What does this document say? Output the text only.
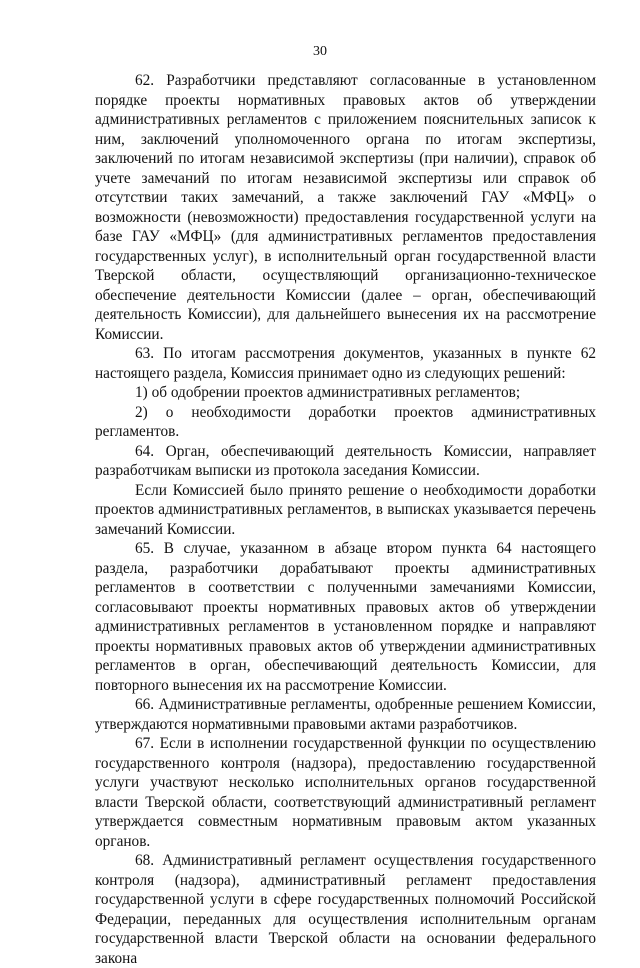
30

62. Разработчики представляют согласованные в установленном порядке проекты нормативных правовых актов об утверждении административных регламентов с приложением пояснительных записок к ним, заключений уполномоченного органа по итогам экспертизы, заключений по итогам независимой экспертизы (при наличии), справок об учете замечаний по итогам независимой экспертизы или справок об отсутствии таких замечаний, а также заключений ГАУ «МФЦ» о возможности (невозможности) предоставления государственной услуги на базе ГАУ «МФЦ» (для административных регламентов предоставления государственных услуг), в исполнительный орган государственной власти Тверской области, осуществляющий организационно-техническое обеспечение деятельности Комиссии (далее – орган, обеспечивающий деятельность Комиссии), для дальнейшего вынесения их на рассмотрение Комиссии.

63. По итогам рассмотрения документов, указанных в пункте 62 настоящего раздела, Комиссия принимает одно из следующих решений:

1) об одобрении проектов административных регламентов;

2) о необходимости доработки проектов административных регламентов.

64. Орган, обеспечивающий деятельность Комиссии, направляет разработчикам выписки из протокола заседания Комиссии.

Если Комиссией было принято решение о необходимости доработки проектов административных регламентов, в выписках указывается перечень замечаний Комиссии.

65. В случае, указанном в абзаце втором пункта 64 настоящего раздела, разработчики дорабатывают проекты административных регламентов в соответствии с полученными замечаниями Комиссии, согласовывают проекты нормативных правовых актов об утверждении административных регламентов в установленном порядке и направляют проекты нормативных правовых актов об утверждении административных регламентов в орган, обеспечивающий деятельность Комиссии, для повторного вынесения их на рассмотрение Комиссии.

66. Административные регламенты, одобренные решением Комиссии, утверждаются нормативными правовыми актами разработчиков.

67. Если в исполнении государственной функции по осуществлению государственного контроля (надзора), предоставлению государственной услуги участвуют несколько исполнительных органов государственной власти Тверской области, соответствующий административный регламент утверждается совместным нормативным правовым актом указанных органов.

68. Административный регламент осуществления государственного контроля (надзора), административный регламент предоставления государственной услуги в сфере государственных полномочий Российской Федерации, переданных для осуществления исполнительным органам государственной власти Тверской области на основании федерального закона
